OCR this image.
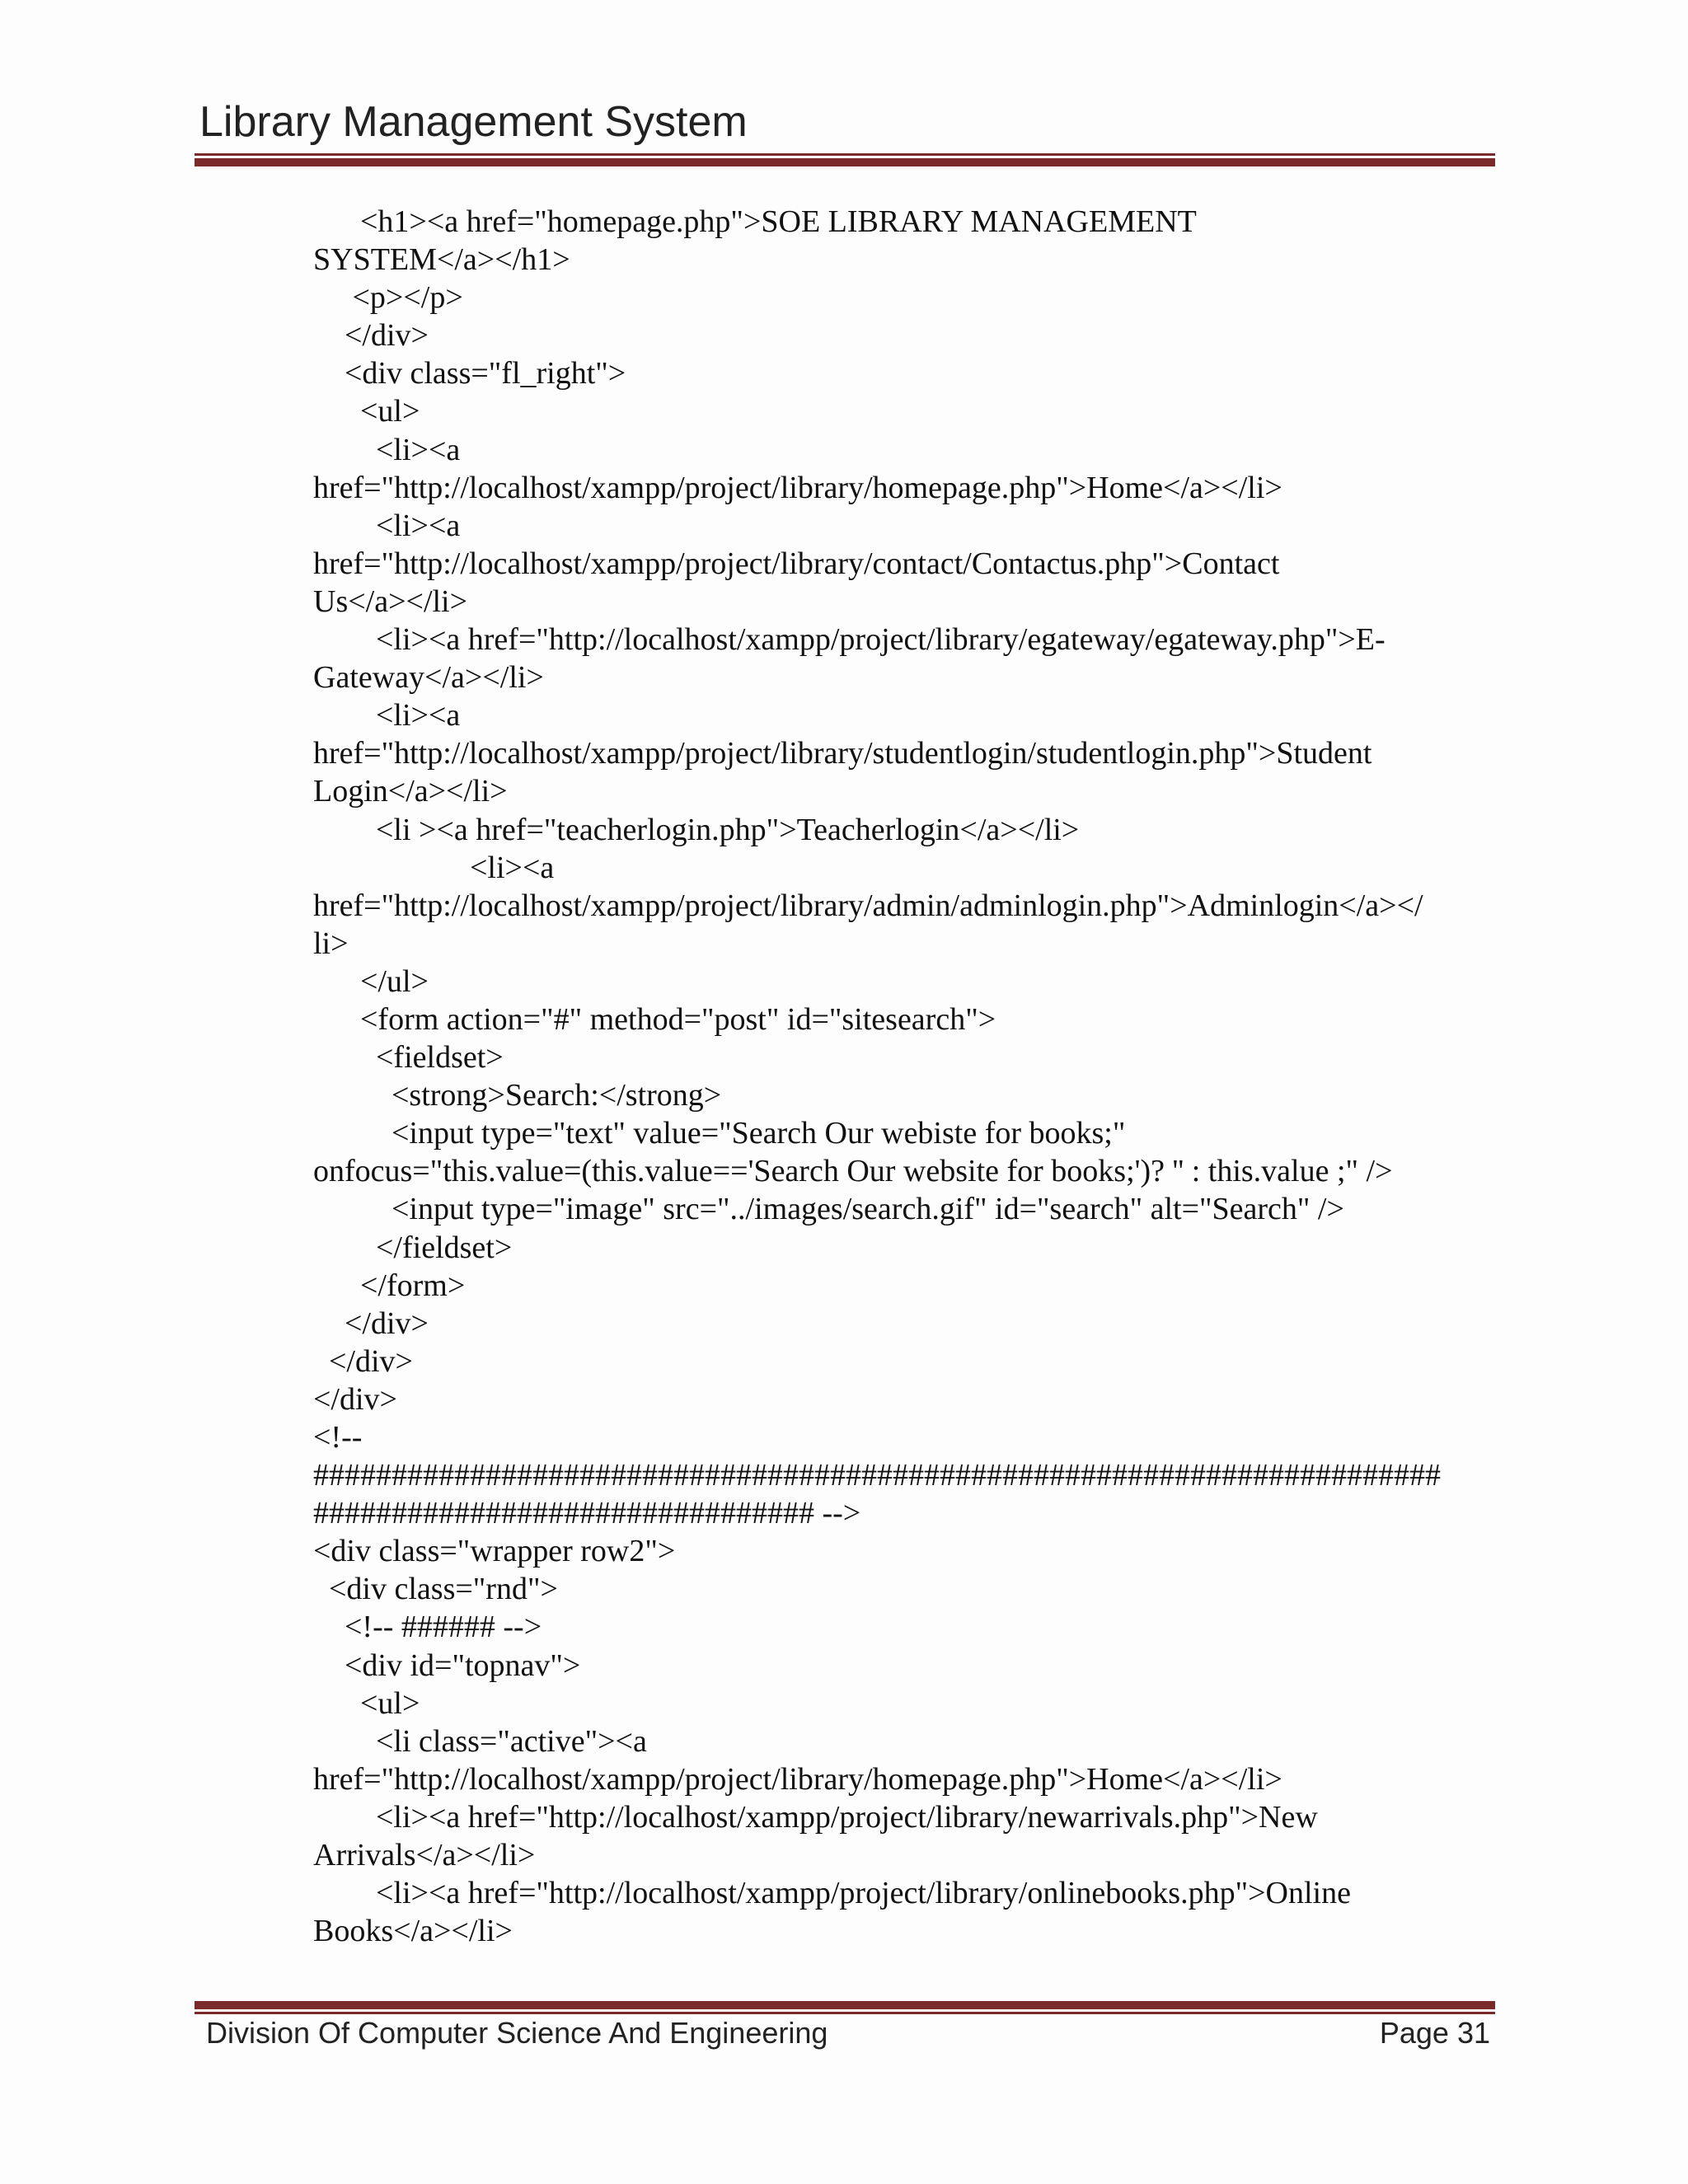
Library Management System
<h1><a href="homepage.php">SOE LIBRARY MANAGEMENT
SYSTEM</a></h1>
<p></p>
</div>
<div class="fl_right">
<ul>
<li><a
href="http://localhost/xampp/project/library/homepage.php">Home</a></li>
<li><a
href="http://localhost/xampp/project/library/contact/Contactus.php">Contact
Us</a></li>
<li><a href="http://localhost/xampp/project/library/egateway/egateway.php">E-
Gateway</a></li>
<li><a
href="http://localhost/xampp/project/library/studentlogin/studentlogin.php">Student
Login</a></li>
<li ><a href="teacherlogin.php">Teacherlogin</a></li>
<li><a
href="http://localhost/xampp/project/library/admin/adminlogin.php">Adminlogin</a></
li>
</ul>
<form action="#" method="post" id="sitesearch">
<fieldset>
<strong>Search:</strong>
<input type="text" value="Search Our webiste for books;"
onfocus="this.value=(this.value=='Search Our website for books;')? '' : this.value ;" />
<input type="image" src="../images/search.gif" id="search" alt="Search" />
</fieldset>
</form>
</div>
</div>
</div>
<!--
########################################################################
################################ -->
<div class="wrapper row2">
<div class="rnd">
<!-- ###### -->
<div id="topnav">
<ul>
<li class="active"><a
href="http://localhost/xampp/project/library/homepage.php">Home</a></li>
<li><a href="http://localhost/xampp/project/library/newarrivals.php">New
Arrivals</a></li>
<li><a href="http://localhost/xampp/project/library/onlinebooks.php">Online
Books</a></li>
Division Of Computer Science And Engineering	Page 31
